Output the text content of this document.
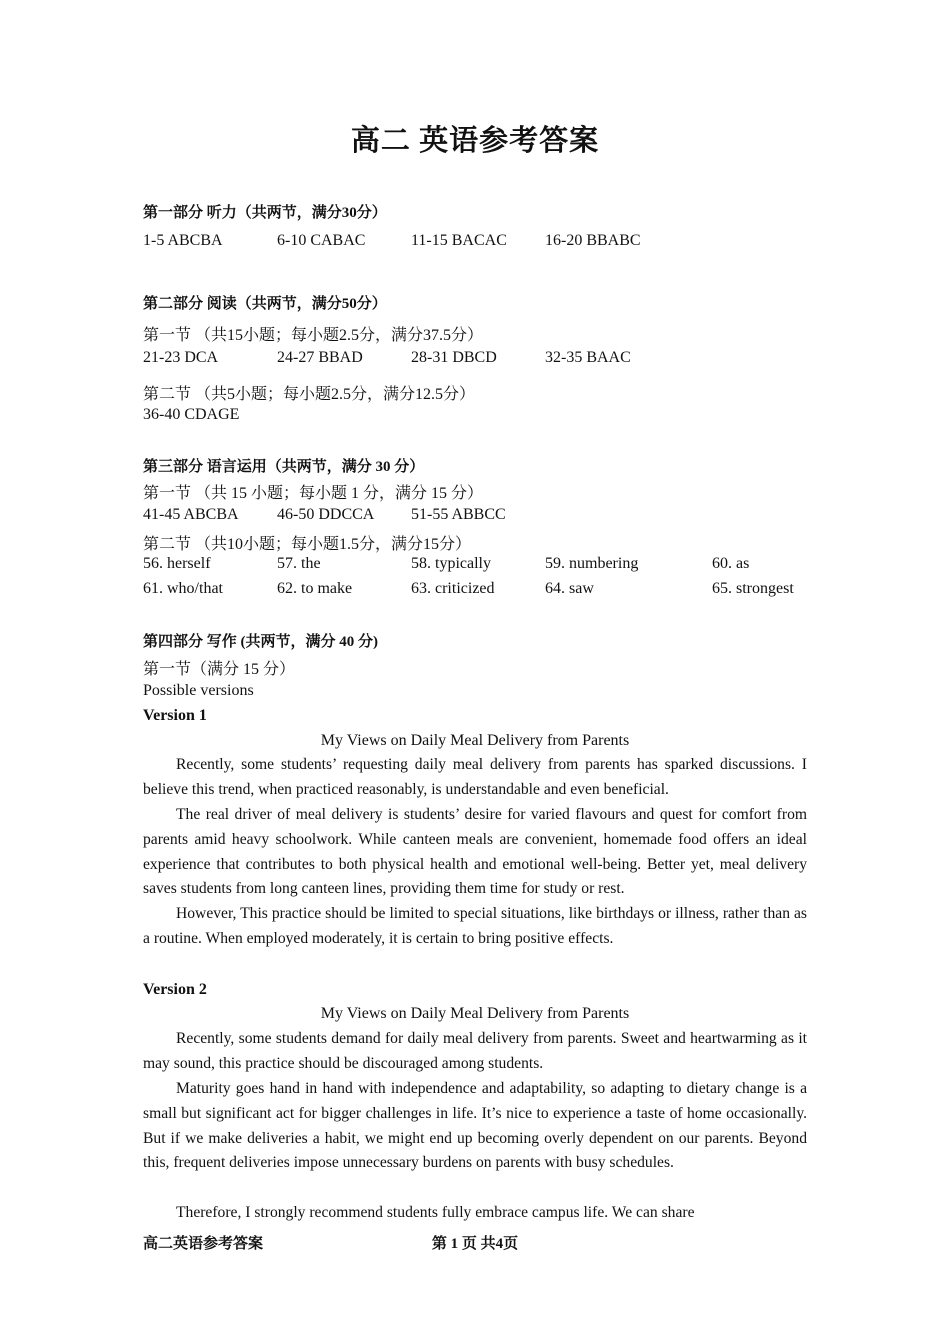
高二 英语参考答案
第一部分 听力（共两节，满分30分）
1-5 ABCBA	6-10 CABAC	11-15 BACAC 16-20 BBABC
第二部分 阅读（共两节，满分50分）
第一节 （共15小题；每小题2.5分，满分37.5分）
21-23 DCA	24-27 BBAD	28-31 DBCD	32-35 BAAC
第二节 （共5小题；每小题2.5分，满分12.5分）
36-40 CDAGE
第三部分 语言运用（共两节，满分 30 分）
第一节 （共 15 小题；每小题 1 分，满分 15 分）
41-45 ABCBA 46-50 DDCCA 51-55 ABBCC
第二节 （共10小题；每小题1.5分，满分15分）
56. herself	57. the	58. typically	59. numbering	60. as
61. who/that	62. to make	63. criticized	64. saw	65. strongest
第四部分 写作 (共两节，满分 40 分)
第一节（满分 15 分）
Possible versions
Version 1
My Views on Daily Meal Delivery from Parents

Recently, some students’ requesting daily meal delivery from parents has sparked discussions. I believe this trend, when practiced reasonably, is understandable and even beneficial.

The real driver of meal delivery is students’ desire for varied flavours and quest for comfort from parents amid heavy schoolwork. While canteen meals are convenient, homemade food offers an ideal experience that contributes to both physical health and emotional well-being. Better yet, meal delivery saves students from long canteen lines, providing them time for study or rest.

However, This practice should be limited to special situations, like birthdays or illness, rather than as a routine. When employed moderately, it is certain to bring positive effects.

Version 2
My Views on Daily Meal Delivery from Parents

Recently, some students demand for daily meal delivery from parents. Sweet and heartwarming as it may sound, this practice should be discouraged among students.

Maturity goes hand in hand with independence and adaptability, so adapting to dietary change is a small but significant act for bigger challenges in life. It’s nice to experience a taste of home occasionally. But if we make deliveries a habit, we might end up becoming overly dependent on our parents. Beyond this, frequent deliveries impose unnecessary burdens on parents with busy schedules.

Therefore, I strongly recommend students fully embrace campus life. We can share

高二英语参考答案	第 1 页 共4页
